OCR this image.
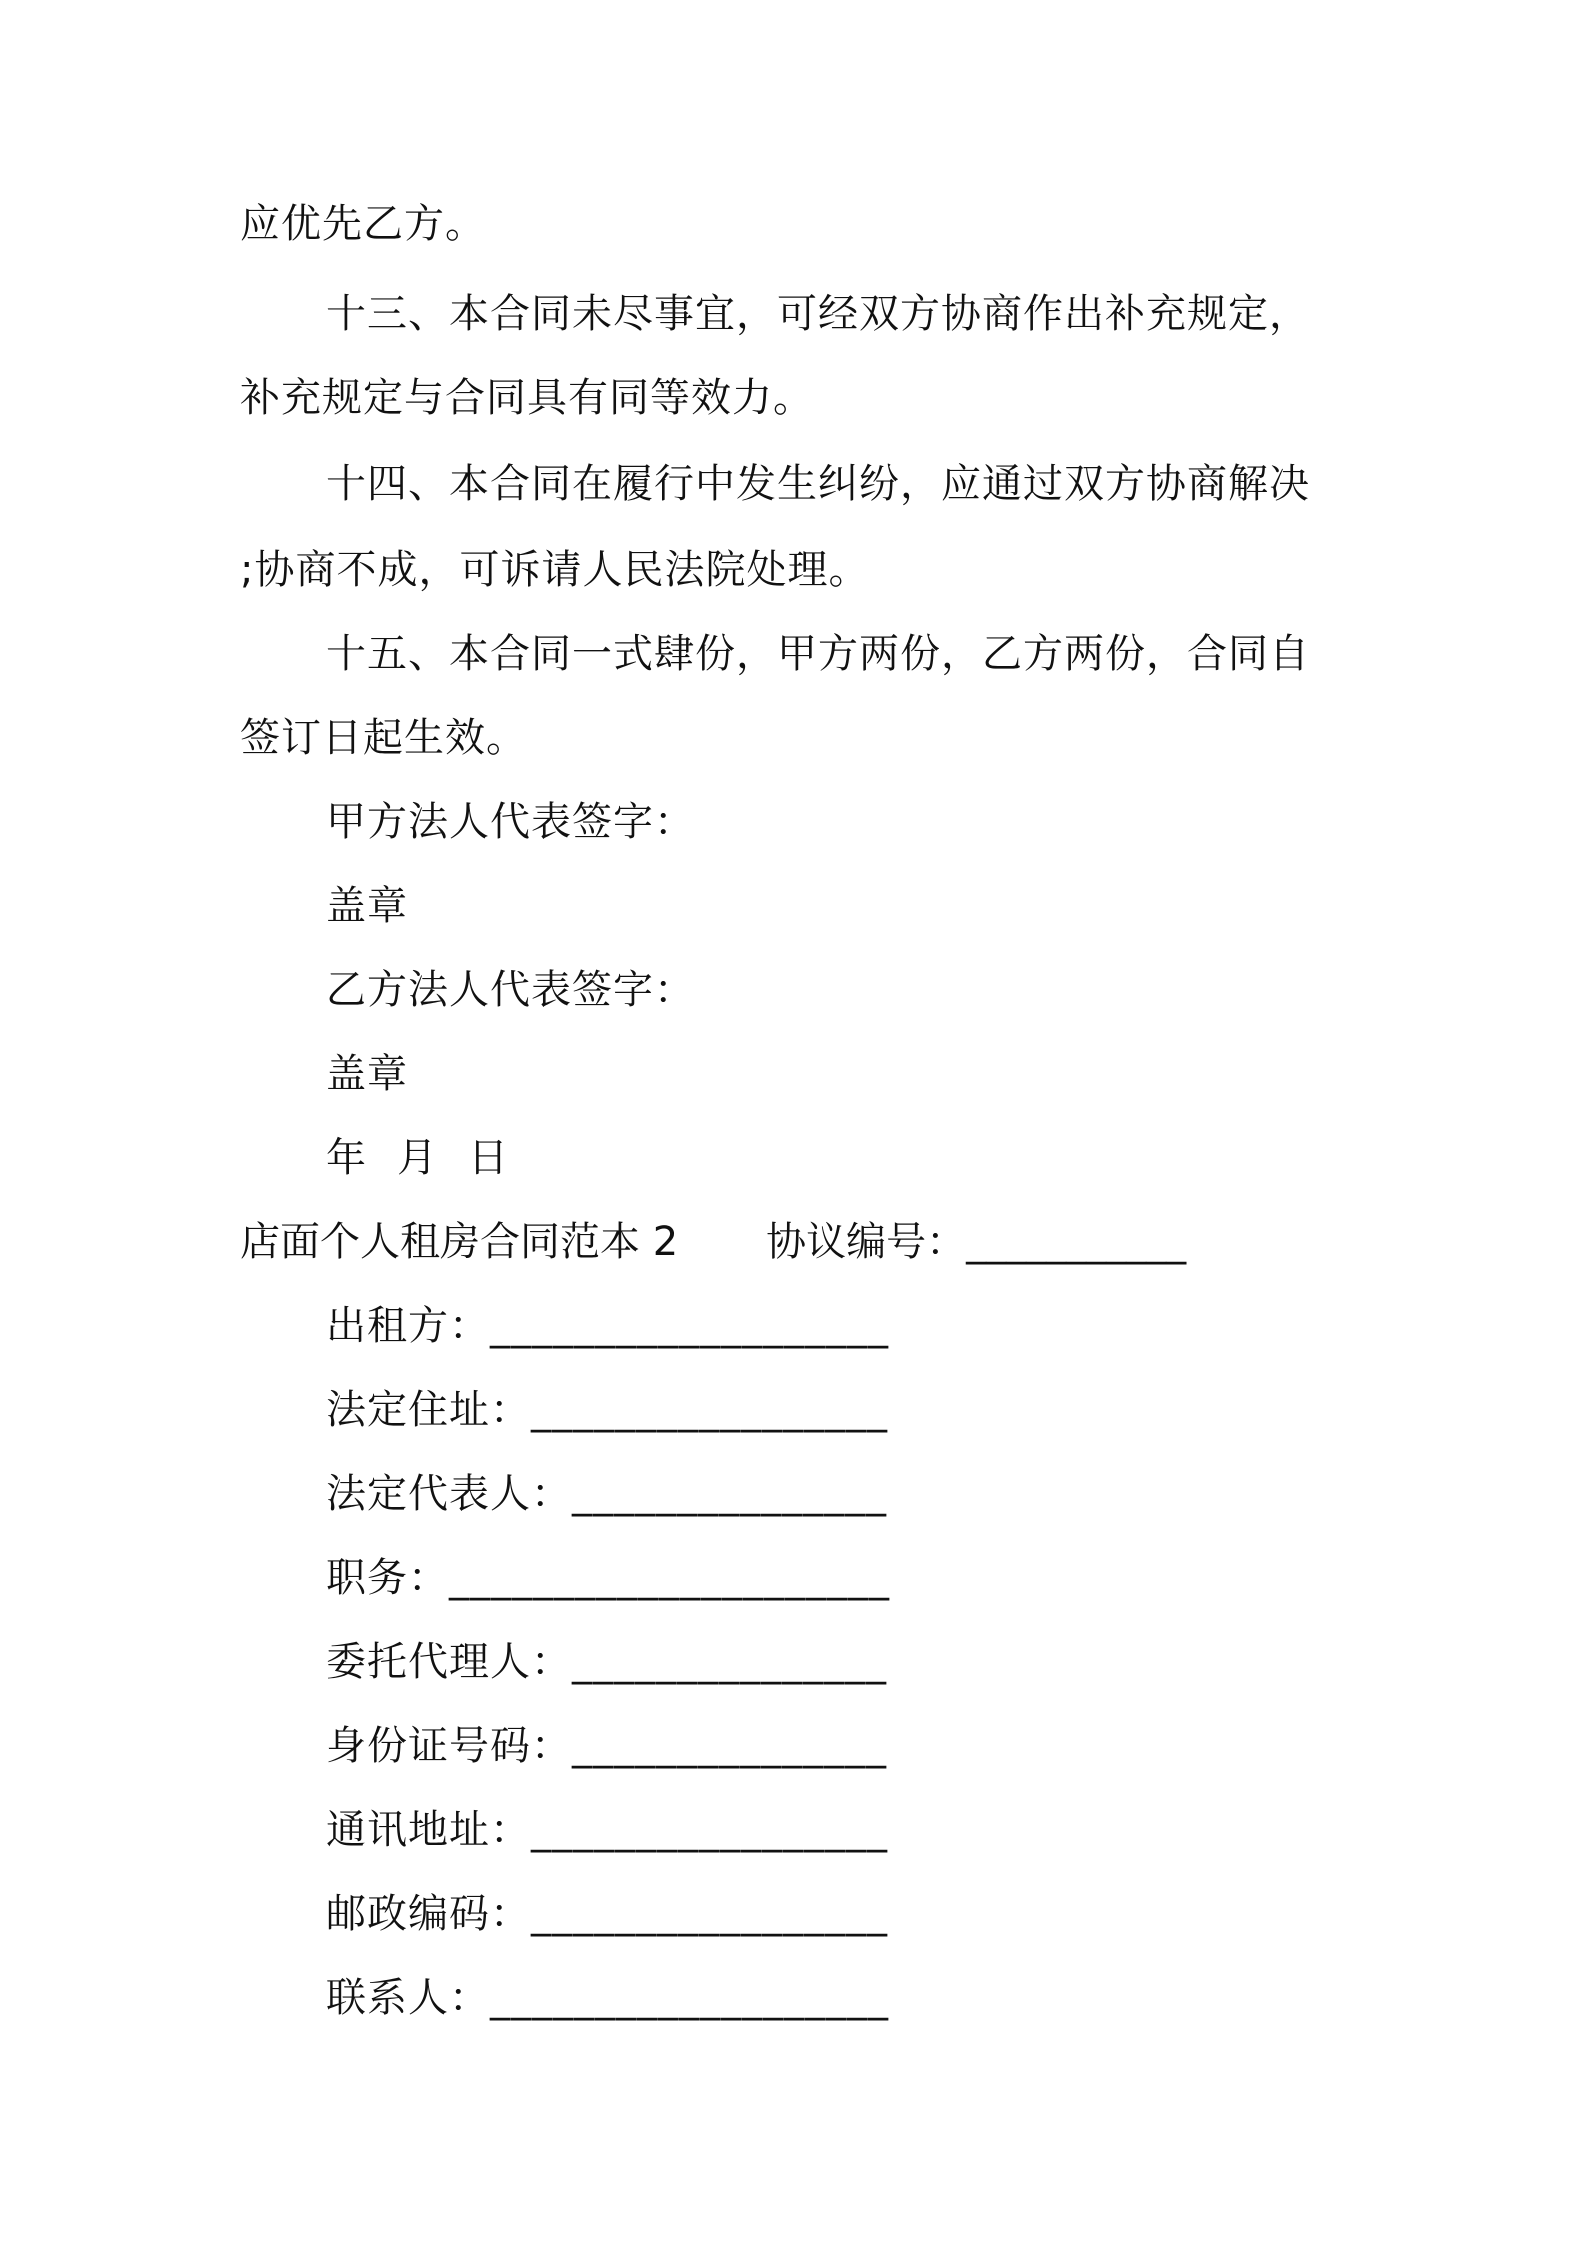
应优先乙方。
十三、本合同未尽事宜，可经双方协商作出补充规定，
补充规定与合同具有同等效力。
十四、本合同在履行中发生纠纷，应通过双方协商解决
;协商不成，可诉请人民法院处理。
十五、本合同一式肆份，甲方两份，乙方两份，合同自
签订日起生效。
甲方法人代表签字：
盖章
乙方法人代表签字：
盖章
年 月 日
店面个人租房合同范本 2 协议编号：___________
出租方：___________________
法定住址：_________________
法定代表人：_______________
职务：_____________________
委托代理人：_______________
身份证号码：_______________
通讯地址：_________________
邮政编码：_________________
联系人：___________________
